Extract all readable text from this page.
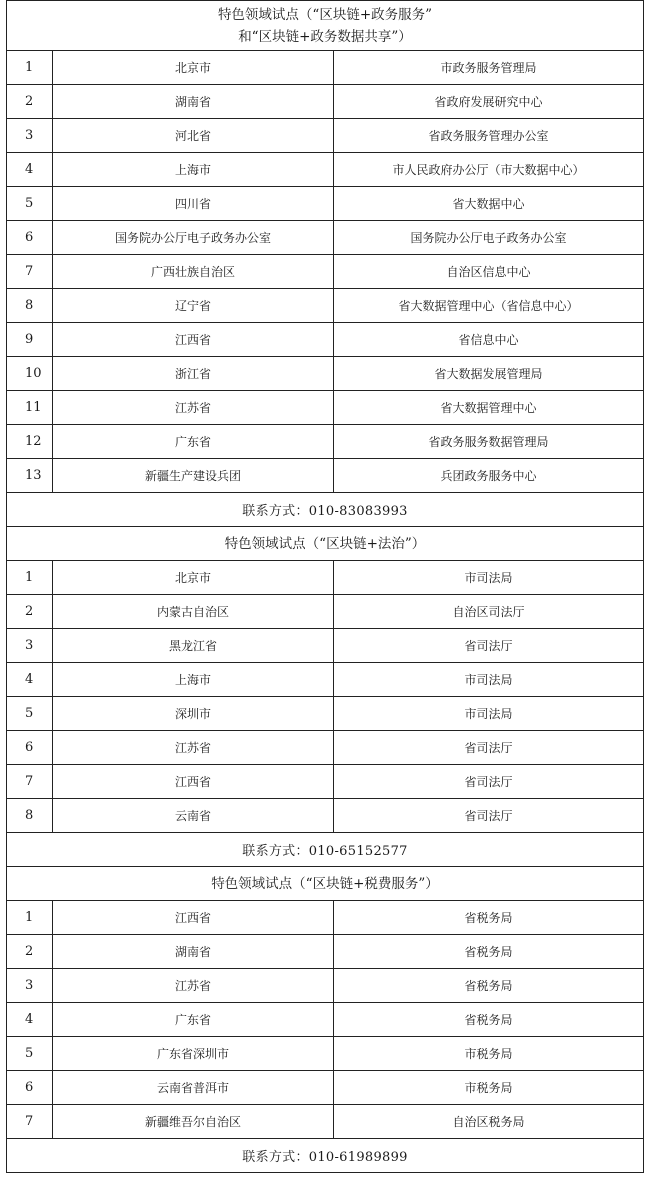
特色领域试点（“区块链+政务服务”
和“区块链+政务数据共享”）		

1	北京市	市政务服务管理局
2	湖南省	省政府发展研究中心
3	河北省	省政务服务管理办公室
4	上海市	市人民政府办公厅（市大数据中心）
5	四川省	省大数据中心
6	国务院办公厅电子政务办公室	国务院办公厅电子政务办公室
7	广西壮族自治区	自治区信息中心
8	辽宁省	省大数据管理中心（省信息中心）
9	江西省	省信息中心
10	浙江省	省大数据发展管理局
11	江苏省	省大数据管理中心
12	广东省	省政务服务数据管理局
13	新疆生产建设兵团	兵团政务服务中心
联系方式：010-83083993		

特色领域试点（“区块链+法治”）		

1	北京市	市司法局
2	内蒙古自治区	自治区司法厅
3	黑龙江省	省司法厅
4	上海市	市司法局
5	深圳市	市司法局
6	江苏省	省司法厅
7	江西省	省司法厅
8	云南省	省司法厅
联系方式：010-65152577		

特色领域试点（“区块链+税费服务”）		

1	江西省	省税务局
2	湖南省	省税务局
3	江苏省	省税务局
4	广东省	省税务局
5	广东省深圳市	市税务局
6	云南省普洱市	市税务局
7	新疆维吾尔自治区	自治区税务局
联系方式：010-61989899		
